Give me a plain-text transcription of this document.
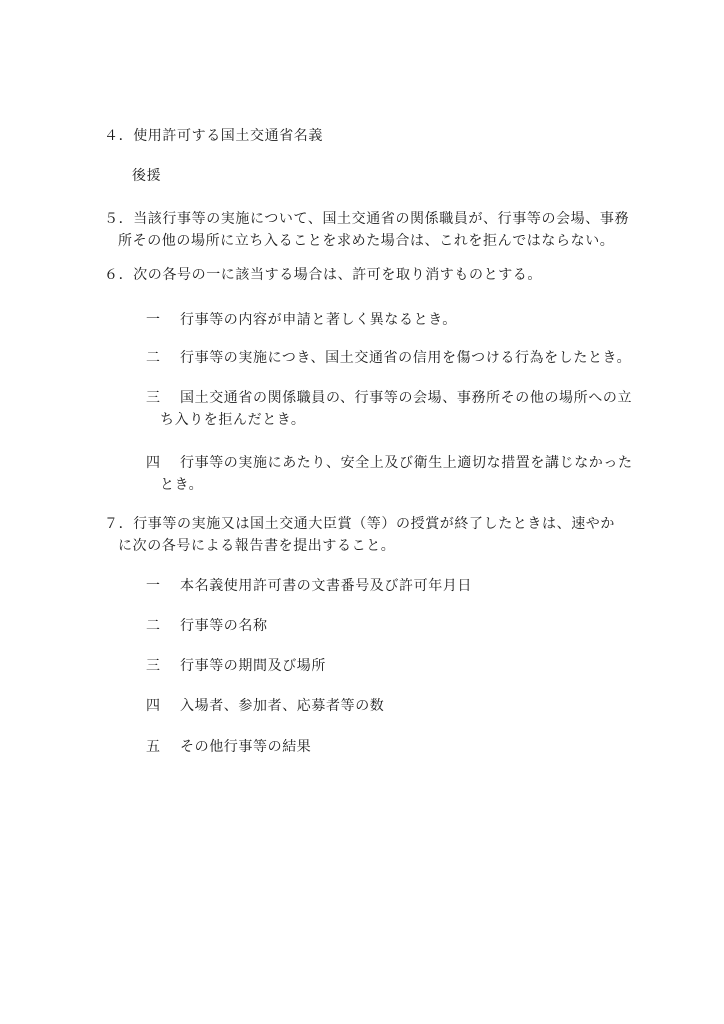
４．使用許可する国土交通省名義
後援
５．当該行事等の実施について、国土交通省の関係職員が、行事等の会場、事務
所その他の場所に立ち入ることを求めた場合は、これを拒んではならない。
６．次の各号の一に該当する場合は、許可を取り消すものとする。
一 行事等の内容が申請と著しく異なるとき。
二 行事等の実施につき、国土交通省の信用を傷つける行為をしたとき。
三 国土交通省の関係職員の、行事等の会場、事務所その他の場所への立
ち入りを拒んだとき。
四 行事等の実施にあたり、安全上及び衛生上適切な措置を講じなかった
とき。
７．行事等の実施又は国土交通大臣賞（等）の授賞が終了したときは、速やか
に次の各号による報告書を提出すること。
一 本名義使用許可書の文書番号及び許可年月日
二 行事等の名称
三 行事等の期間及び場所
四 入場者、参加者、応募者等の数
五 その他行事等の結果
